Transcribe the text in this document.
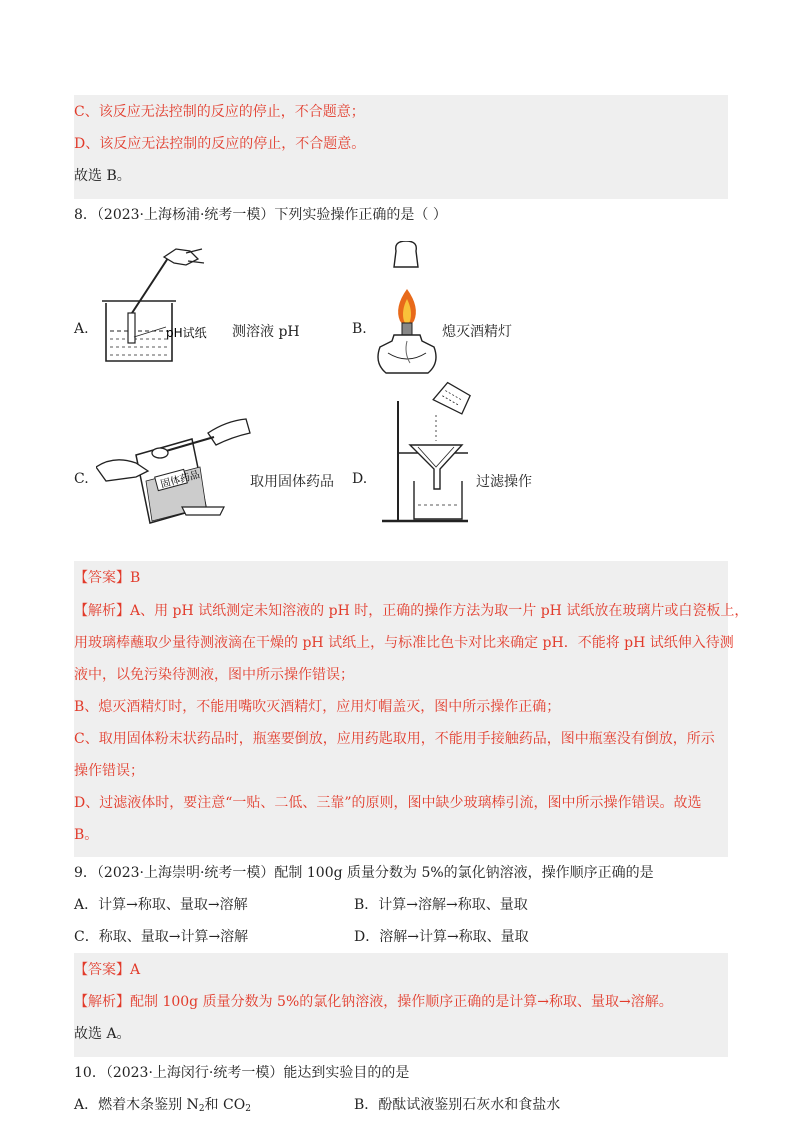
C、该反应无法控制的反应的停止，不合题意；
D、该反应无法控制的反应的停止，不合题意。
故选 B。
8．（2023·上海杨浦·统考一模）下列实验操作正确的是（ ）
A.	pH试纸 测溶液 pH	B.	熄灭酒精灯
C.	固体药品	取用固体药品 D.	过滤操作
【答案】B
【解析】A、用 pH 试纸测定未知溶液的 pH 时，正确的操作方法为取一片 pH 试纸放在玻璃片或白瓷板上，
用玻璃棒蘸取少量待测液滴在干燥的 pH 试纸上，与标准比色卡对比来确定 pH．不能将 pH 试纸伸入待测
液中，以免污染待测液，图中所示操作错误；
B、熄灭酒精灯时，不能用嘴吹灭酒精灯，应用灯帽盖灭，图中所示操作正确；
C、取用固体粉末状药品时，瓶塞要倒放，应用药匙取用，不能用手接触药品，图中瓶塞没有倒放，所示
操作错误；
D、过滤液体时，要注意“一贴、二低、三靠”的原则，图中缺少玻璃棒引流，图中所示操作错误。故选
B。
9．（2023·上海崇明·统考一模）配制 100g 质量分数为 5%的氯化钠溶液，操作顺序正确的是
A．计算→称取、量取→溶解	B．计算→溶解→称取、量取
C．称取、量取→计算→溶解	D．溶解→计算→称取、量取
【答案】A
【解析】配制 100g 质量分数为 5%的氯化钠溶液，操作顺序正确的是计算→称取、量取→溶解。
故选 A。
10．（2023·上海闵行·统考一模）能达到实验目的的是
A．燃着木条鉴别 $N_2$和 $CO_2$	B．酚酞试液鉴别石灰水和食盐水
